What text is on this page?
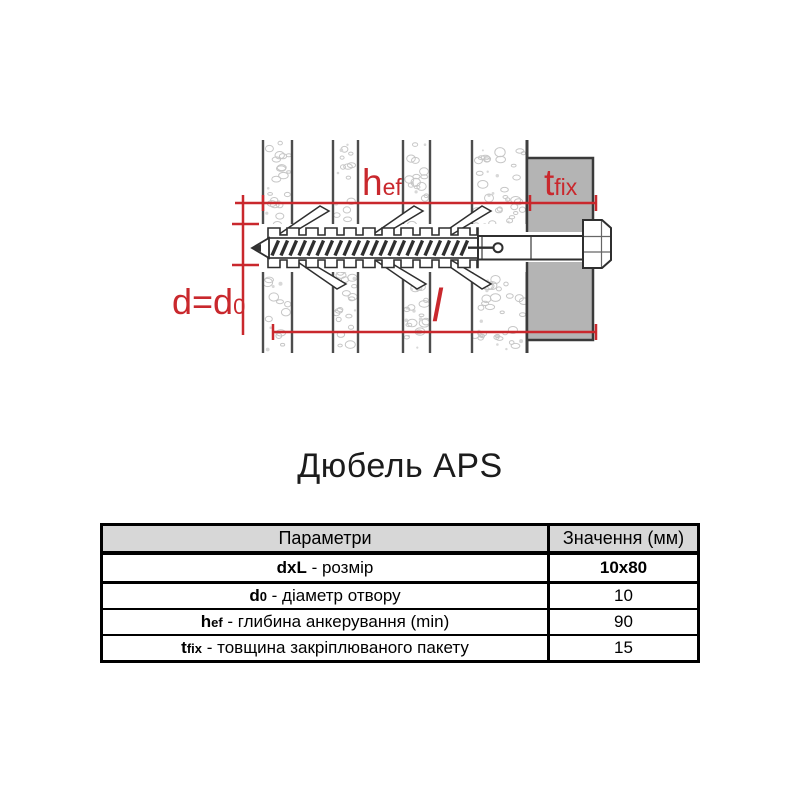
hef	tfix
l
d=d0
Дюбель APS
Параметри	Значення (мм)
dxL - розмір	10x80
d0 - діаметр отвору	10
hef - глибина анкерування (min)	90
tfix - товщина закріплюваного пакету	15
